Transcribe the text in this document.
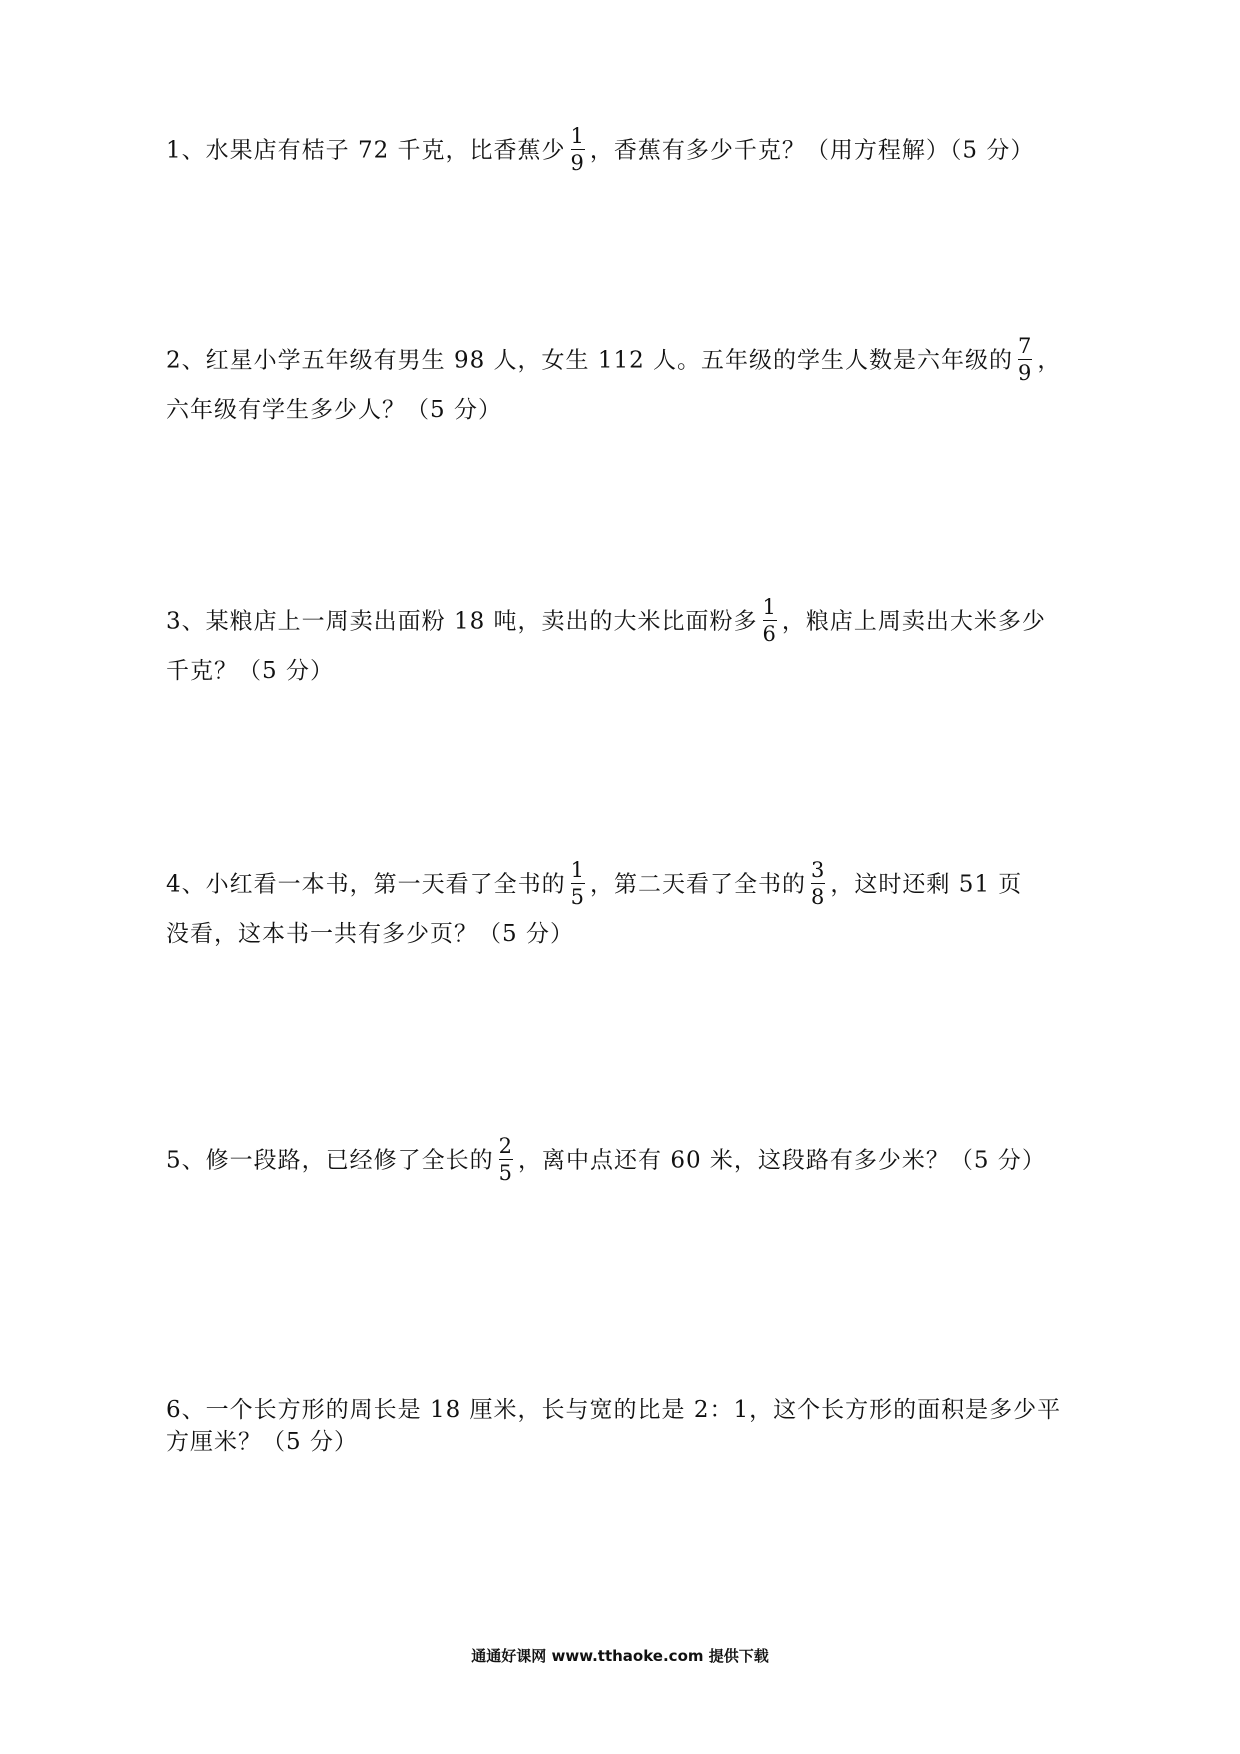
1、水果店有桔子 72 千克，比香蕉少 $\frac{1}{9}$ ，香蕉有多少千克？（用方程解）（5 分）
2、红星小学五年级有男生 98 人，女生 112 人。五年级的学生人数是六年级的 $\frac{7}{9}$ ，
六年级有学生多少人？（5 分）
3、某粮店上一周卖出面粉 18 吨，卖出的大米比面粉多 $\frac{1}{6}$ ，粮店上周卖出大米多少
千克？（5 分）
4、小红看一本书，第一天看了全书的 $\frac{1}{5}$ ，第二天看了全书的 $\frac{3}{8}$ ，这时还剩 51 页
没看，这本书一共有多少页？（5 分）
5、修一段路，已经修了全长的 $\frac{2}{5}$ ，离中点还有 60 米，这段路有多少米？（5 分）
6、一个长方形的周长是 18 厘米，长与宽的比是 2：1，这个长方形的面积是多少平
方厘米？（5 分）
通通好课网 www.tthaoke.com 提供下载
